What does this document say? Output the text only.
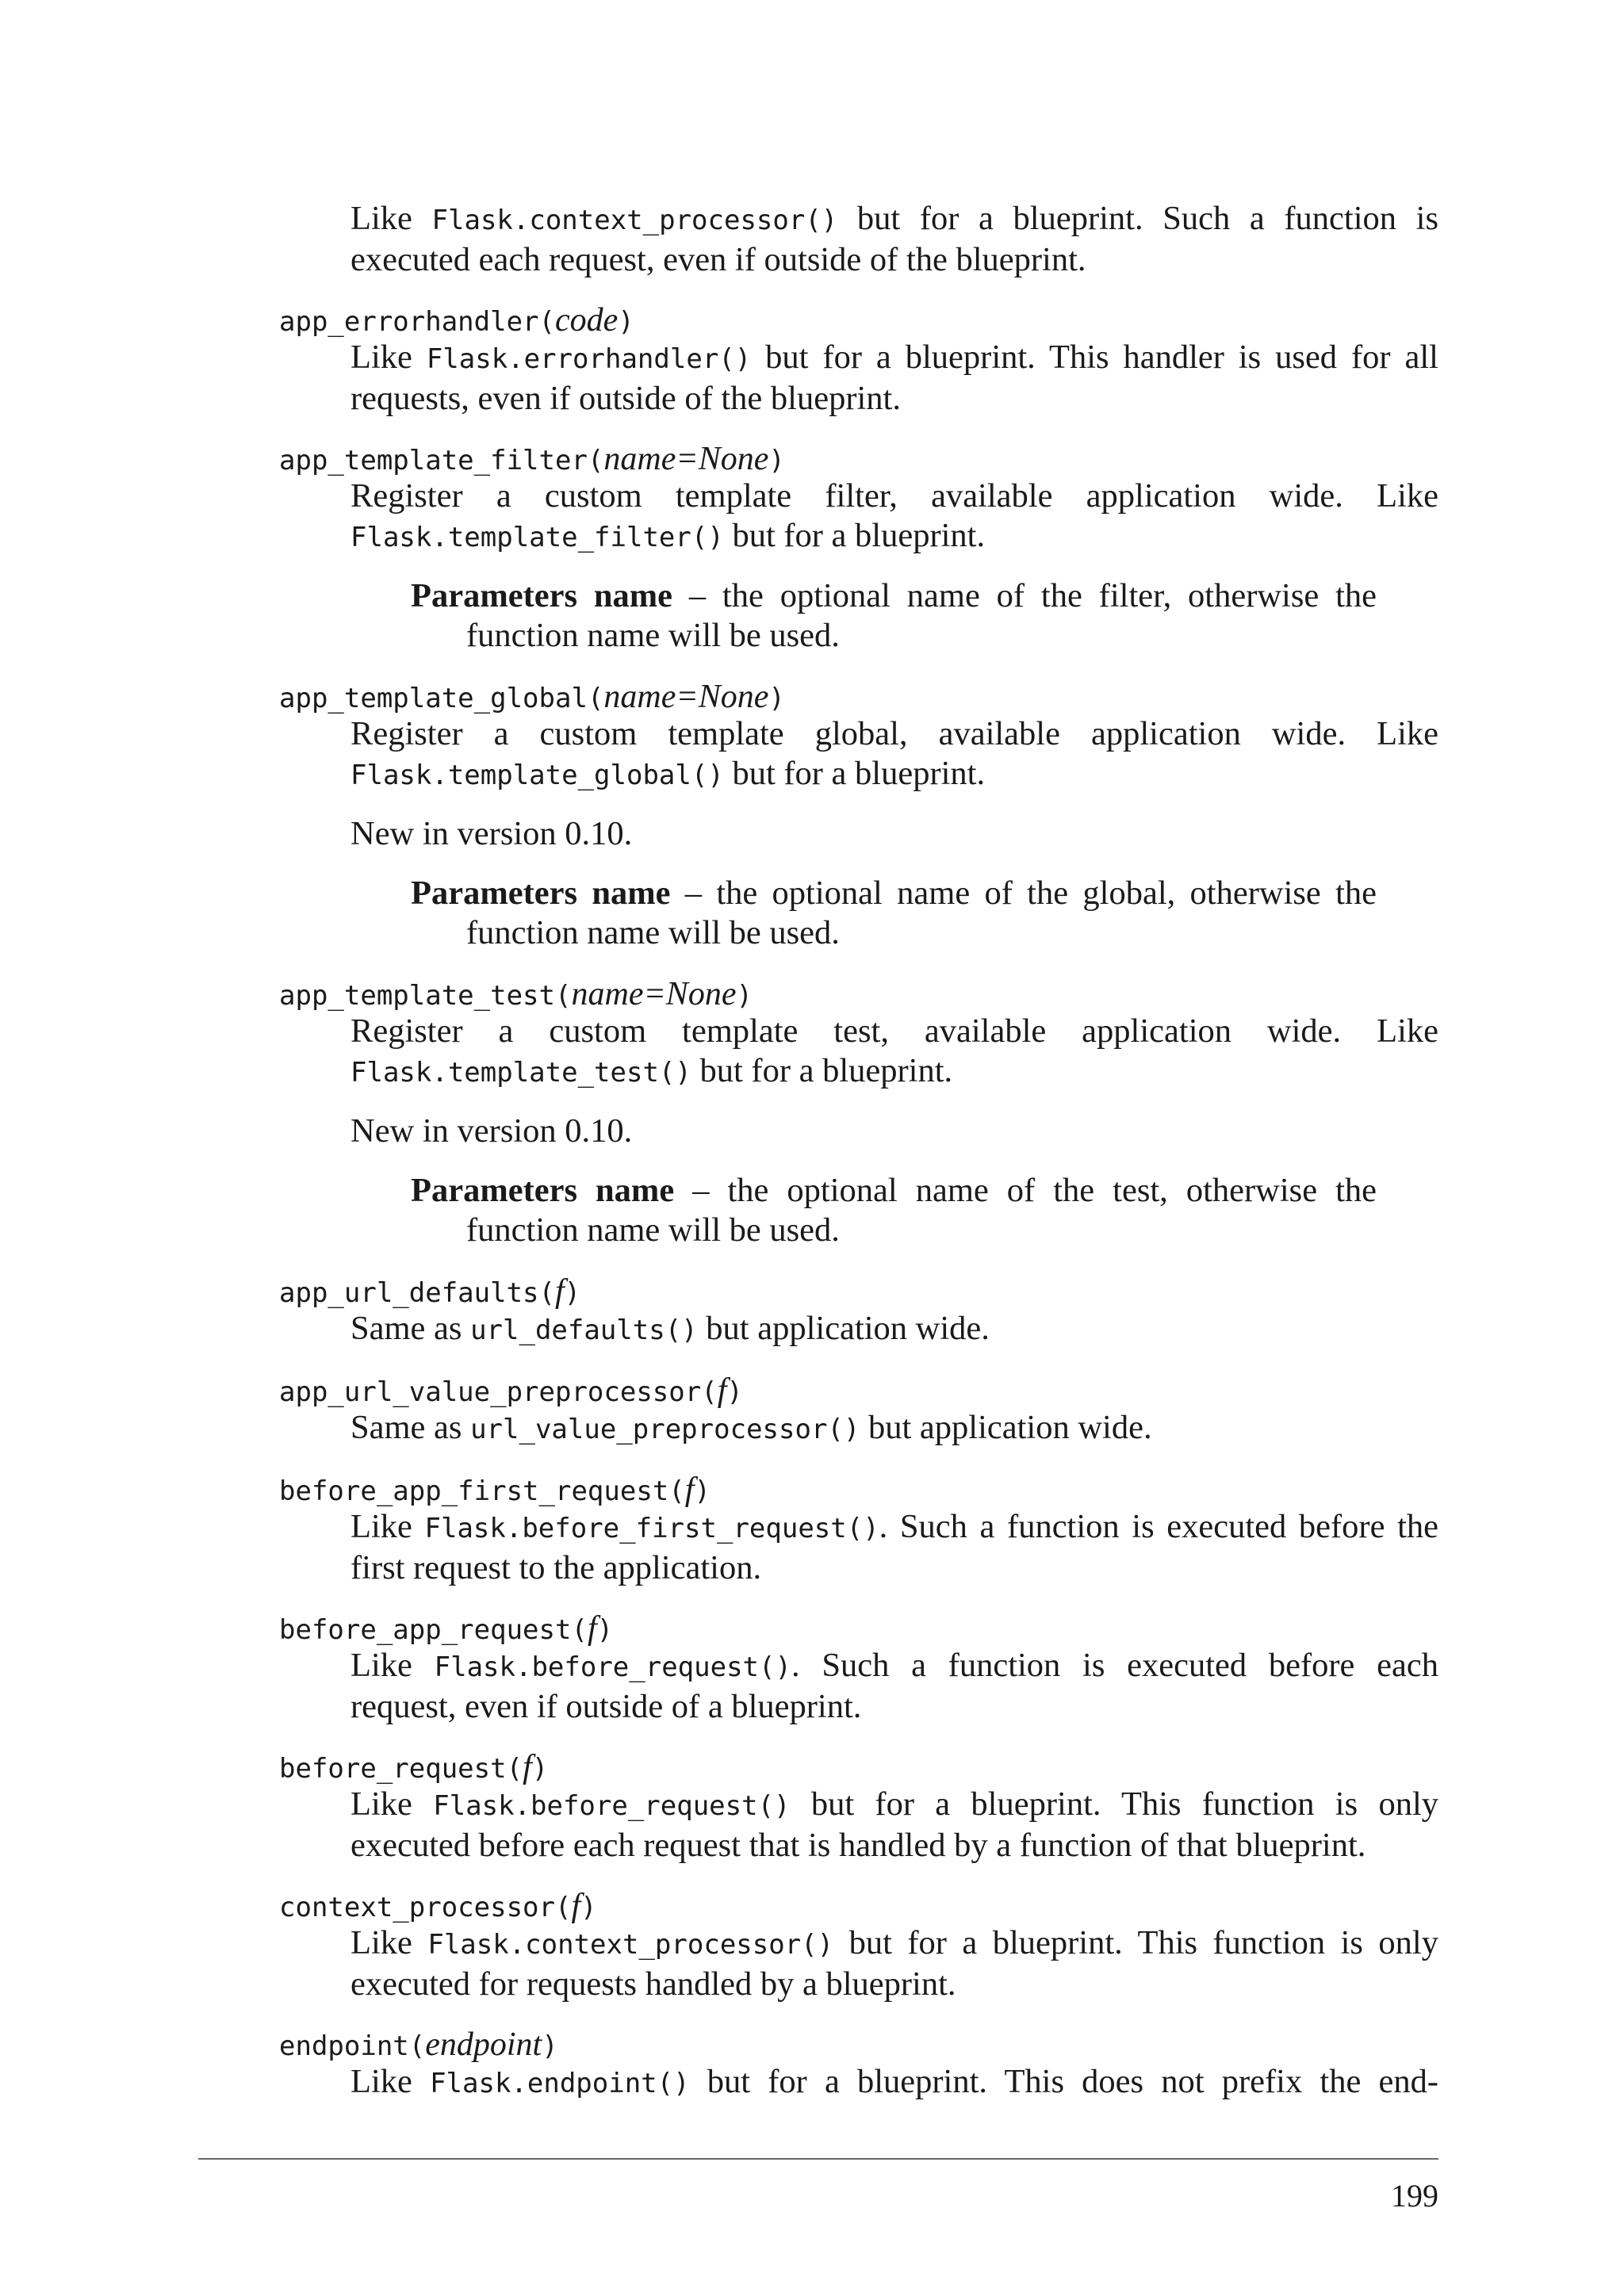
Like Flask.context_processor() but for a blueprint. Such a function is executed each request, even if outside of the blueprint.

app_errorhandler(code)

Like Flask.errorhandler() but for a blueprint. This handler is used for all requests, even if outside of the blueprint.

app_template_filter(name=None)

Register a custom template filter, available application wide. Like Flask.template_filter() but for a blueprint.

Parameters name – the optional name of the filter, otherwise the function name will be used.
app_template_global(name=None)

Register a custom template global, available application wide. Like Flask.template_global() but for a blueprint.

New in version 0.10.

Parameters name – the optional name of the global, otherwise the function name will be used.
app_template_test(name=None)

Register a custom template test, available application wide. Like Flask.template_test() but for a blueprint.

New in version 0.10.

Parameters name – the optional name of the test, otherwise the function name will be used.
app_url_defaults(f)

Same as url_defaults() but application wide.

app_url_value_preprocessor(f)

Same as url_value_preprocessor() but application wide.

before_app_first_request(f)

Like Flask.before_first_request(). Such a function is executed before the first request to the application.

before_app_request(f)

Like Flask.before_request(). Such a function is executed before each request, even if outside of a blueprint.

before_request(f)

Like Flask.before_request() but for a blueprint. This function is only executed before each request that is handled by a function of that blueprint.

context_processor(f)

Like Flask.context_processor() but for a blueprint. This function is only executed for requests handled by a blueprint.

endpoint(endpoint)

Like Flask.endpoint() but for a blueprint. This does not prefix the end-

199
